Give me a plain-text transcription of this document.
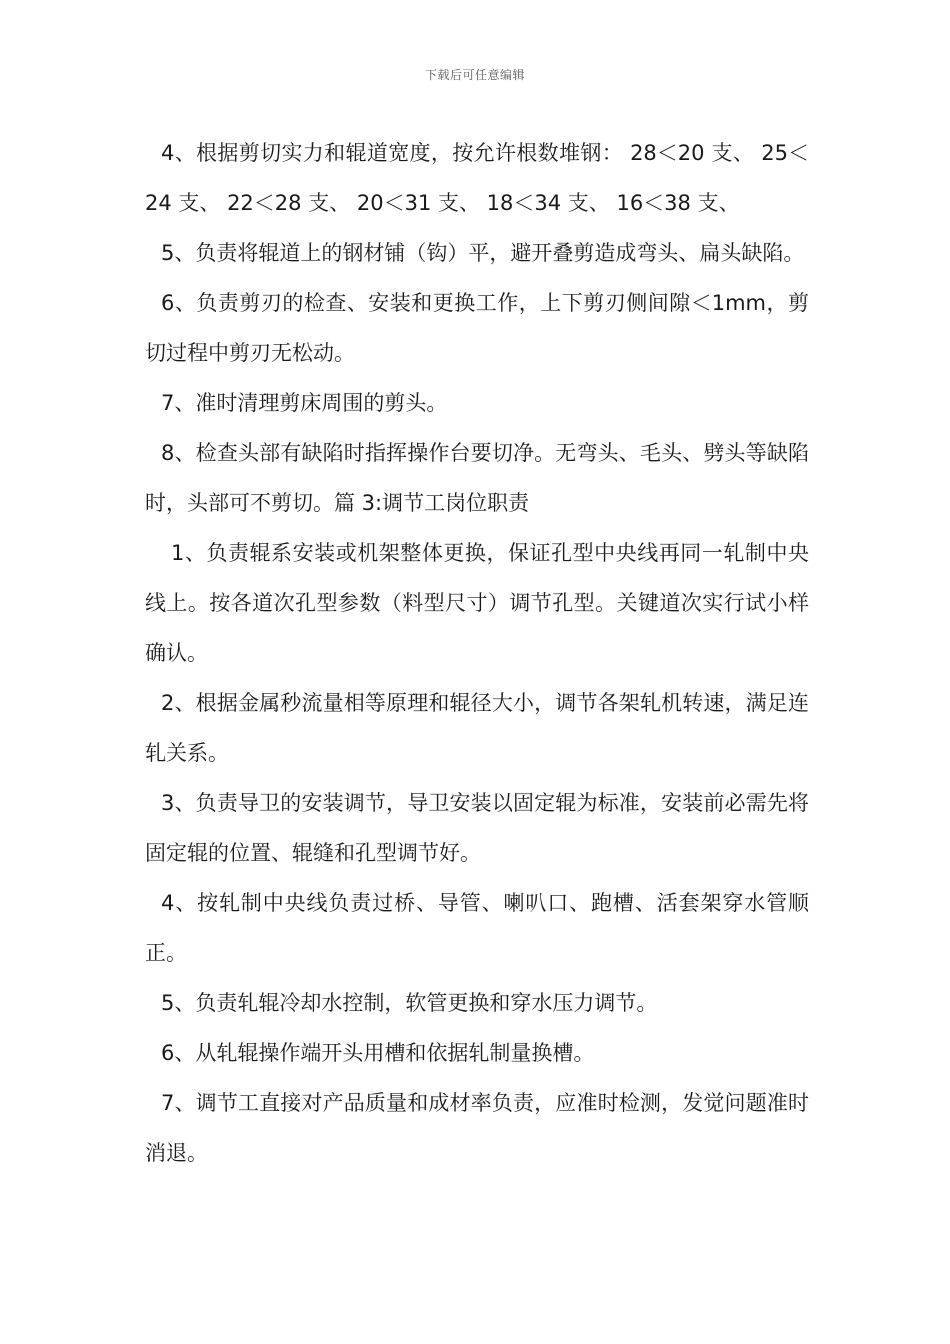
下载后可任意编辑

4、根据剪切实力和辊道宽度，按允许根数堆钢： 28＜20 支、 25＜24 支、 22＜28 支、 20＜31 支、 18＜34 支、 16＜38 支、

5、负责将辊道上的钢材铺（钩）平，避开叠剪造成弯头、扁头缺陷。

6、负责剪刃的检查、安装和更换工作，上下剪刃侧间隙＜1mm，剪切过程中剪刃无松动。

7、准时清理剪床周围的剪头。

8、检查头部有缺陷时指挥操作台要切净。无弯头、毛头、劈头等缺陷时，头部可不剪切。篇 3:调节工岗位职责

1、负责辊系安装或机架整体更换，保证孔型中央线再同一轧制中央线上。按各道次孔型参数（料型尺寸）调节孔型。关键道次实行试小样确认。

2、根据金属秒流量相等原理和辊径大小，调节各架轧机转速，满足连轧关系。

3、负责导卫的安装调节，导卫安装以固定辊为标准，安装前必需先将固定辊的位置、辊缝和孔型调节好。

4、按轧制中央线负责过桥、导管、喇叭口、跑槽、活套架穿水管顺正。

5、负责轧辊冷却水控制，软管更换和穿水压力调节。

6、从轧辊操作端开头用槽和依据轧制量换槽。

7、调节工直接对产品质量和成材率负责，应准时检测，发觉问题准时消退。
